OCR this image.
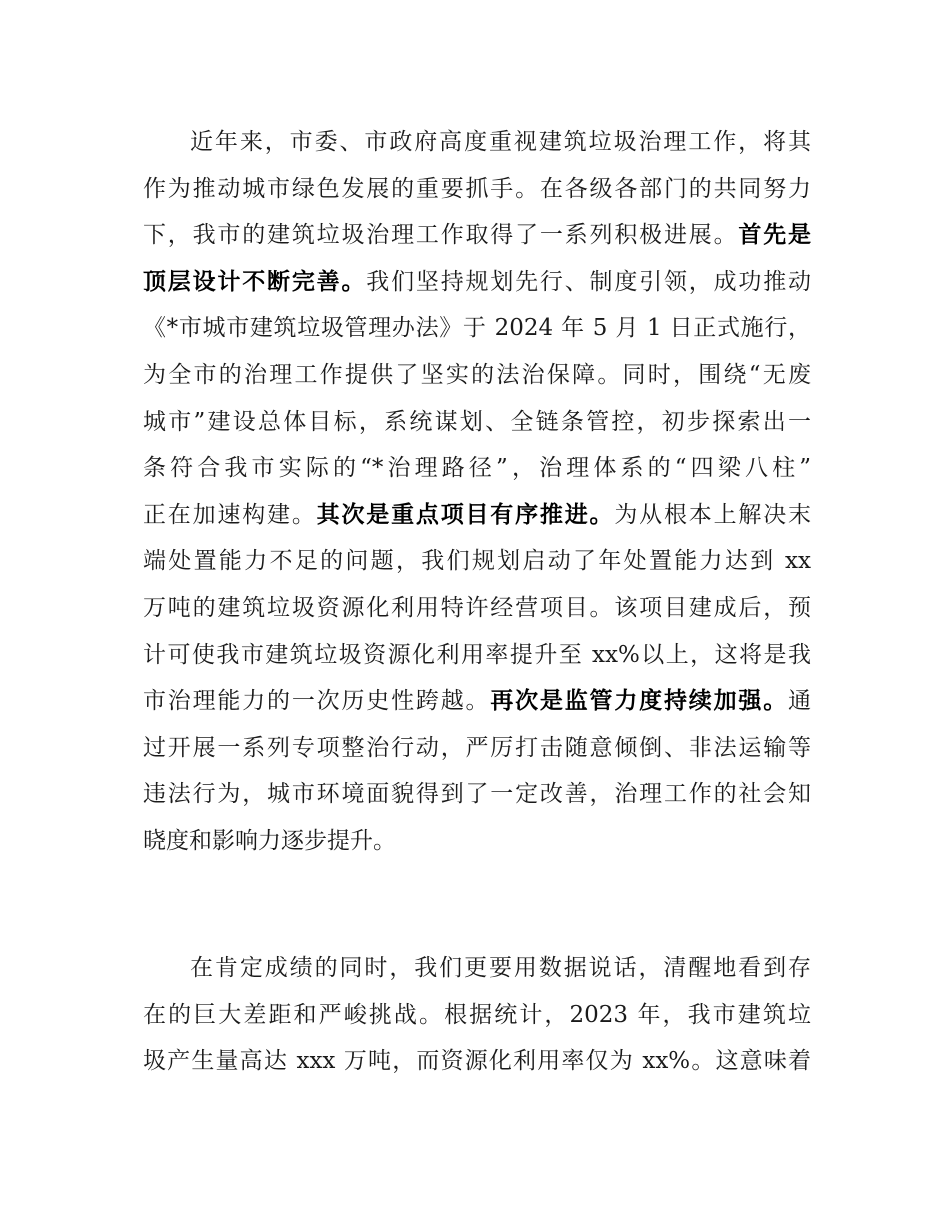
近年来，市委、市政府高度重视建筑垃圾治理工作，将其
作为推动城市绿色发展的重要抓手。在各级各部门的共同努力
下，我市的建筑垃圾治理工作取得了一系列积极进展。首先是
顶层设计不断完善。我们坚持规划先行、制度引领，成功推动
《*市城市建筑垃圾管理办法》于 2024 年 5 月 1 日正式施行，
为全市的治理工作提供了坚实的法治保障。同时，围绕“无废
城市”建设总体目标，系统谋划、全链条管控，初步探索出一
条符合我市实际的“*治理路径”，治理体系的“四梁八柱”
正在加速构建。其次是重点项目有序推进。为从根本上解决末
端处置能力不足的问题，我们规划启动了年处置能力达到 xx
万吨的建筑垃圾资源化利用特许经营项目。该项目建成后，预
计可使我市建筑垃圾资源化利用率提升至 xx%以上，这将是我
市治理能力的一次历史性跨越。再次是监管力度持续加强。通
过开展一系列专项整治行动，严厉打击随意倾倒、非法运输等
违法行为，城市环境面貌得到了一定改善，治理工作的社会知
晓度和影响力逐步提升。
在肯定成绩的同时，我们更要用数据说话，清醒地看到存
在的巨大差距和严峻挑战。根据统计，2023 年，我市建筑垃
圾产生量高达 xxx 万吨，而资源化利用率仅为 xx%。这意味着
